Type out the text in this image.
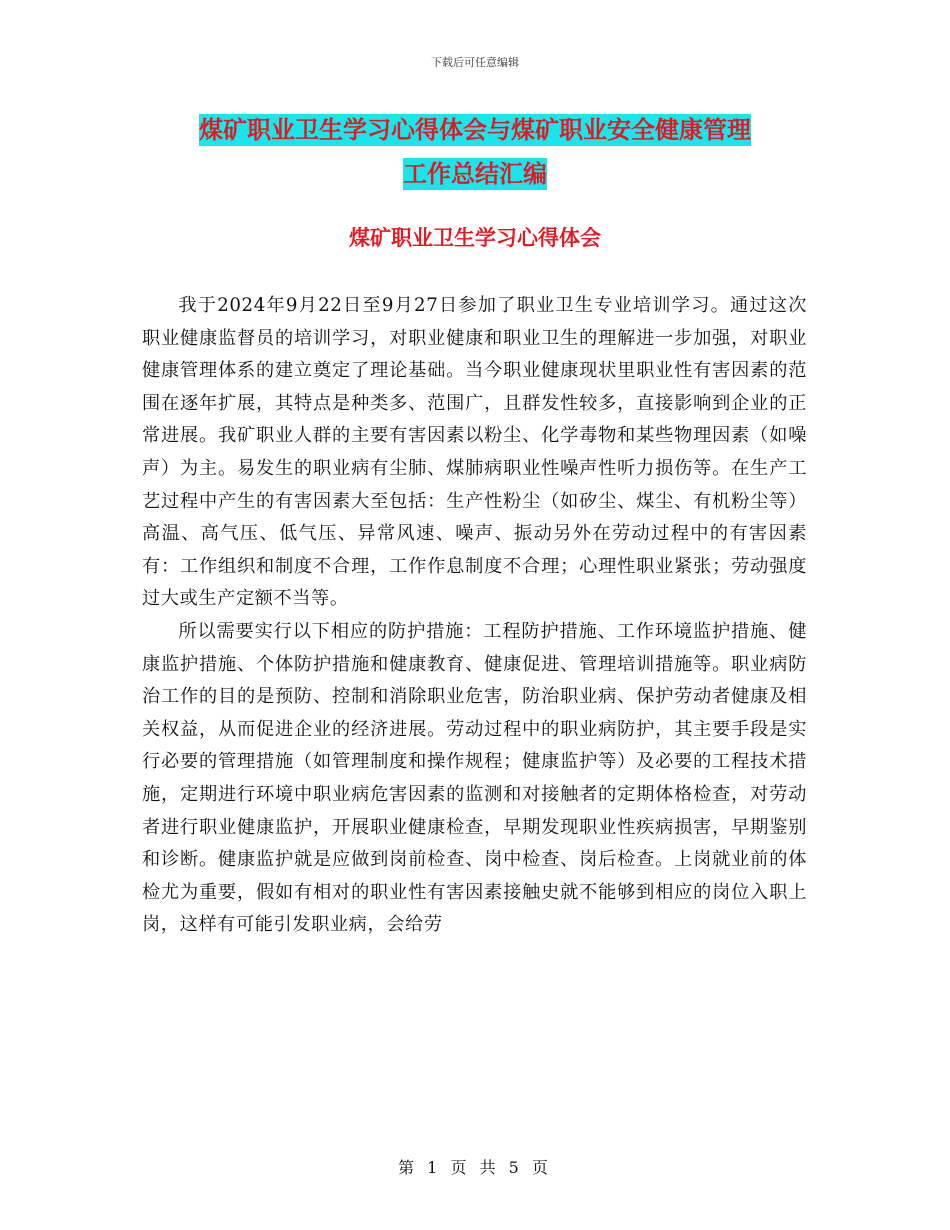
下载后可任意编辑
煤矿职业卫生学习心得体会与煤矿职业安全健康管理
工作总结汇编
煤矿职业卫生学习心得体会

我于2024年9月22日至9月27日参加了职业卫生专业培训学习。通过这次职业健康监督员的培训学习，对职业健康和职业卫生的理解进一步加强，对职业健康管理体系的建立奠定了理论基础。当今职业健康现状里职业性有害因素的范围在逐年扩展，其特点是种类多、范围广，且群发性较多，直接影响到企业的正常进展。我矿职业人群的主要有害因素以粉尘、化学毒物和某些物理因素（如噪声）为主。易发生的职业病有尘肺、煤肺病职业性噪声性听力损伤等。在生产工艺过程中产生的有害因素大至包括：生产性粉尘（如矽尘、煤尘、有机粉尘等）高温、高气压、低气压、异常风速、噪声、振动另外在劳动过程中的有害因素有：工作组织和制度不合理，工作作息制度不合理；心理性职业紧张；劳动强度过大或生产定额不当等。

所以需要实行以下相应的防护措施：工程防护措施、工作环境监护措施、健康监护措施、个体防护措施和健康教育、健康促进、管理培训措施等。职业病防治工作的目的是预防、控制和消除职业危害，防治职业病、保护劳动者健康及相关权益，从而促进企业的经济进展。劳动过程中的职业病防护，其主要手段是实行必要的管理措施（如管理制度和操作规程；健康监护等）及必要的工程技术措施，定期进行环境中职业病危害因素的监测和对接触者的定期体格检查，对劳动者进行职业健康监护，开展职业健康检查，早期发现职业性疾病损害，早期鉴别和诊断。健康监护就是应做到岗前检查、岗中检查、岗后检查。上岗就业前的体检尤为重要，假如有相对的职业性有害因素接触史就不能够到相应的岗位入职上岗，这样有可能引发职业病，会给劳

第 1 页 共 5 页
